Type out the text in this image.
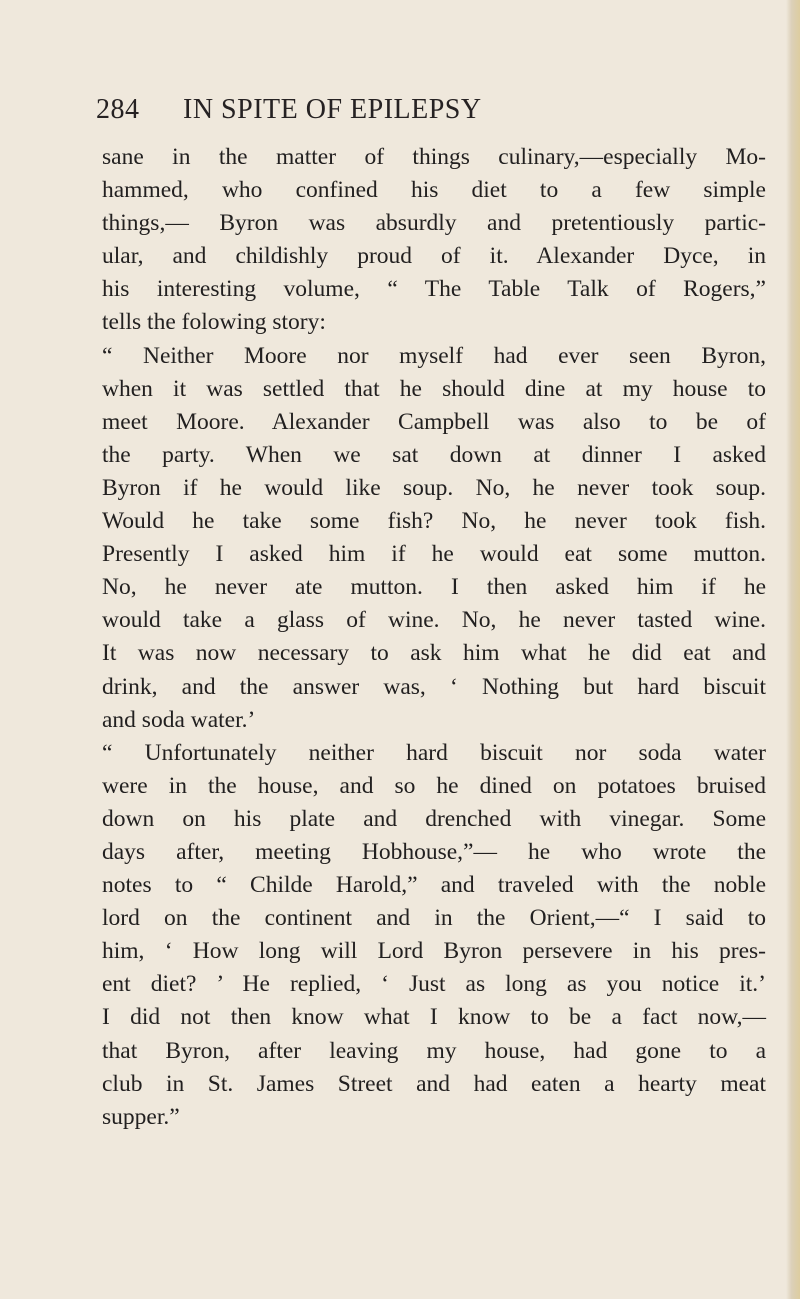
284 IN SPITE OF EPILEPSY
sane in the matter of things culinary,—especially Mo-
hammed, who confined his diet to a few simple
things,— Byron was absurdly and pretentiously partic-
ular, and childishly proud of it. Alexander Dyce, in
his interesting volume, “ The Table Talk of Rogers,”
tells the folowing story:
“ Neither Moore nor myself had ever seen Byron,
when it was settled that he should dine at my house to
meet Moore. Alexander Campbell was also to be of
the party. When we sat down at dinner I asked
Byron if he would like soup. No, he never took soup.
Would he take some fish? No, he never took fish.
Presently I asked him if he would eat some mutton.
No, he never ate mutton. I then asked him if he
would take a glass of wine. No, he never tasted wine.
It was now necessary to ask him what he did eat and
drink, and the answer was, ‘ Nothing but hard biscuit
and soda water.’
“ Unfortunately neither hard biscuit nor soda water
were in the house, and so he dined on potatoes bruised
down on his plate and drenched with vinegar. Some
days after, meeting Hobhouse,”— he who wrote the
notes to “ Childe Harold,” and traveled with the noble
lord on the continent and in the Orient,—“ I said to
him, ‘ How long will Lord Byron persevere in his pres-
ent diet? ’ He replied, ‘ Just as long as you notice it.’
I did not then know what I know to be a fact now,—
that Byron, after leaving my house, had gone to a
club in St. James Street and had eaten a hearty meat
supper.”
